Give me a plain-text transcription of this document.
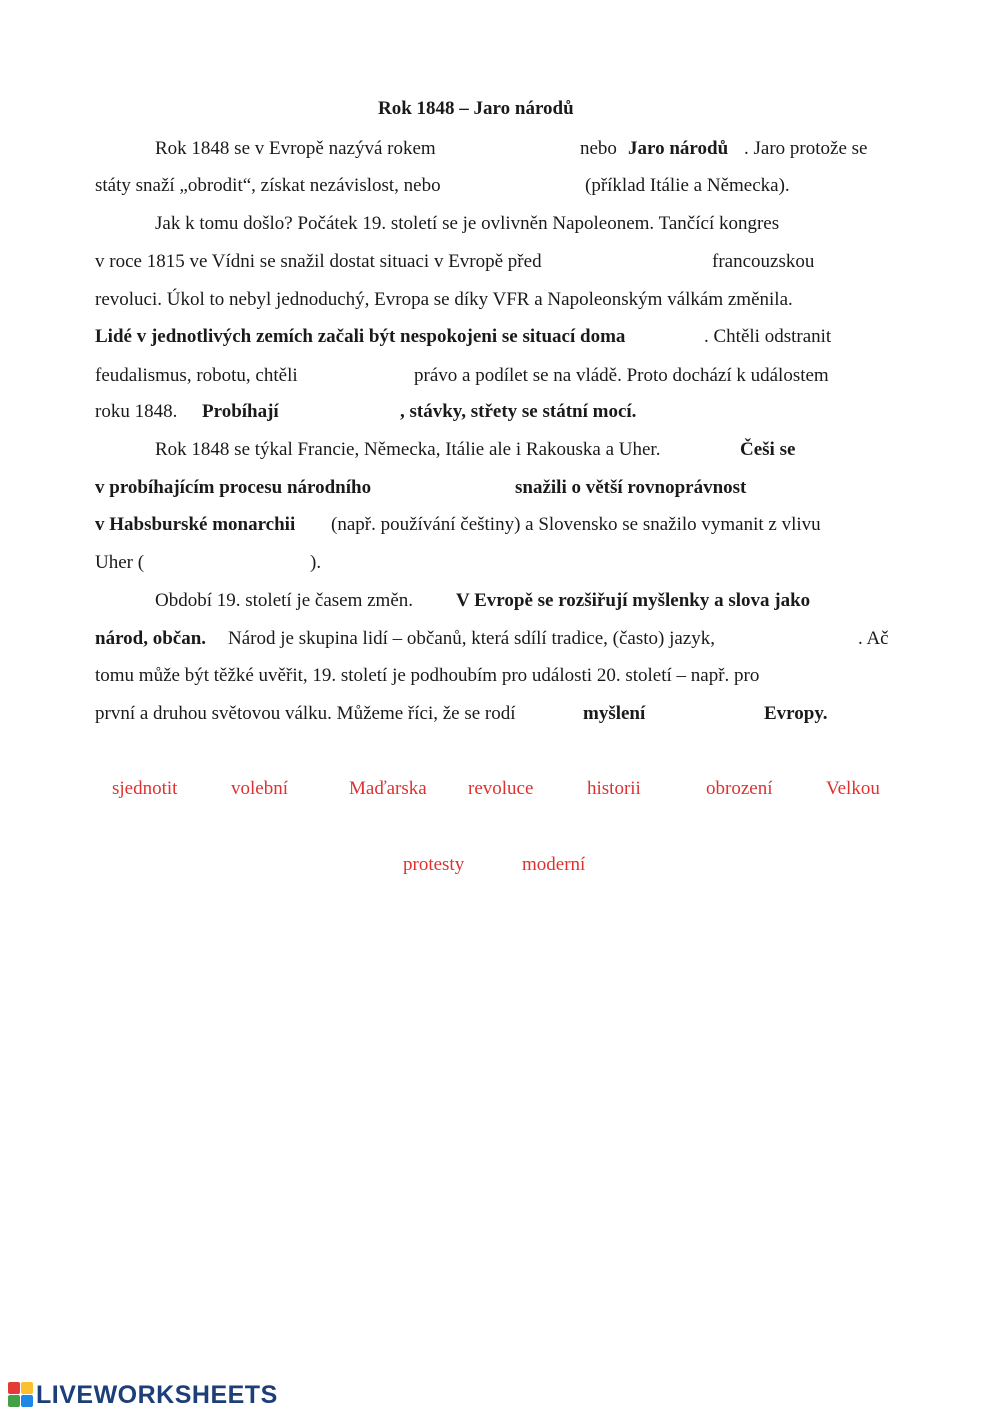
Rok 1848 – Jaro národů
Rok 1848 se v Evropě nazývá rokem	nebo Jaro národů . Jaro protože se
státy snaží „obrodit“, získat nezávislost, nebo	(příklad Itálie a Německa).
Jak k tomu došlo? Počátek 19. století se je ovlivněn Napoleonem. Tančící kongres
v roce 1815 ve Vídni se snažil dostat situaci v Evropě před	francouzskou
revoluci. Úkol to nebyl jednoduchý, Evropa se díky VFR a Napoleonským válkám změnila.
Lidé v jednotlivých zemích začali být nespokojeni se situací doma	. Chtěli odstranit
feudalismus, robotu, chtěli	právo a podílet se na vládě. Proto dochází k událostem
roku 1848. Probíhají	, stávky, střety se státní mocí.
Rok 1848 se týkal Francie, Německa, Itálie ale i Rakouska a Uher.	Češi se
v probíhajícím procesu národního	snažili o větší rovnoprávnost
v Habsburské monarchii (např. používání češtiny) a Slovensko se snažilo vymanit z vlivu
Uher (	).
Období 19. století je časem změn. V Evropě se rozšiřují myšlenky a slova jako
národ, občan. Národ je skupina lidí – občanů, která sdílí tradice, (často) jazyk,	. Ač
tomu může být těžké uvěřit, 19. století je podhoubím pro události 20. století – např. pro
první a druhou světovou válku. Můžeme říci, že se rodí	myšlení	Evropy.
sjednotit	volební	Maďarska revoluce	historii	obrození	Velkou
protesty	moderní
LIVEWORKSHEETS
